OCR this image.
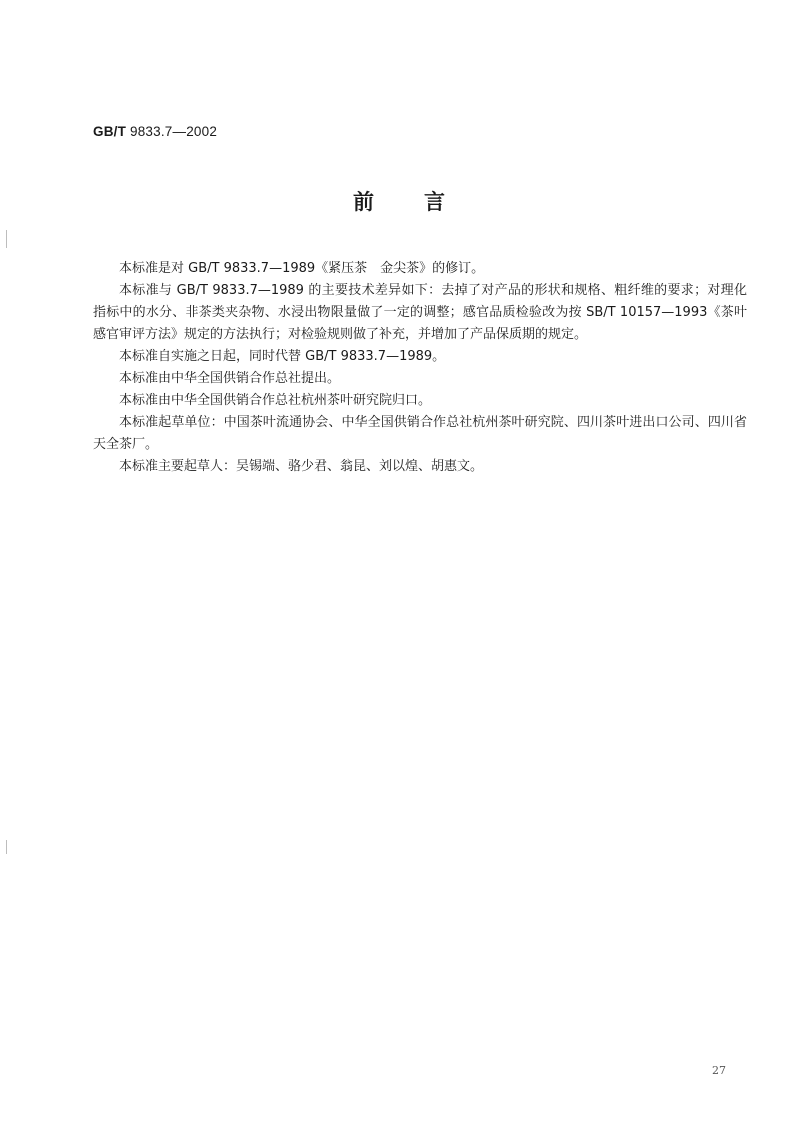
GB/T 9833.7—2002
前 言

本标准是对 GB/T 9833.7—1989《紧压茶　金尖茶》的修订。

本标准与 GB/T 9833.7—1989 的主要技术差异如下：去掉了对产品的形状和规格、粗纤维的要求；对理化指标中的水分、非茶类夹杂物、水浸出物限量做了一定的调整；感官品质检验改为按 SB/T 10157—1993《茶叶感官审评方法》规定的方法执行；对检验规则做了补充，并增加了产品保质期的规定。

本标准自实施之日起，同时代替 GB/T 9833.7—1989。

本标准由中华全国供销合作总社提出。

本标准由中华全国供销合作总社杭州茶叶研究院归口。

本标准起草单位：中国茶叶流通协会、中华全国供销合作总社杭州茶叶研究院、四川茶叶进出口公司、四川省天全茶厂。

本标准主要起草人：吴锡端、骆少君、翁昆、刘以煌、胡惠文。

27
